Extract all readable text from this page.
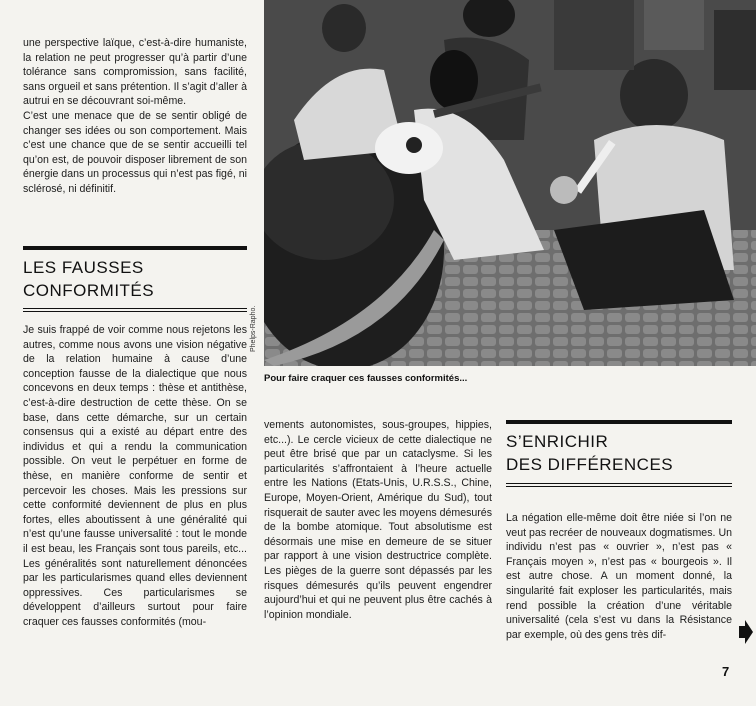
une perspective laïque, c’est-à-dire humaniste, la relation ne peut progresser qu’à partir d’une tolérance sans compromission, sans facilité, sans orgueil et sans prétention. Il s’agit d’aller à autrui en se découvrant soi-même.

C’est une menace que de se sentir obligé de changer ses idées ou son comportement. Mais c’est une chance que de se sentir accueilli tel qu’on est, de pouvoir disposer librement de son énergie dans un processus qui n’est pas figé, ni sclérosé, ni définitif.

LES FAUSSES
CONFORMITÉS

Je suis frappé de voir comme nous rejetons les autres, comme nous avons une vision négative de la relation humaine à cause d’une conception fausse de la dialectique que nous concevons en deux temps : thèse et antithèse, c’est-à-dire destruction de cette thèse. On se base, dans cette démarche, sur un certain consensus qui a existé au départ entre des individus et qui a rendu la communication possible. On veut le perpétuer en forme de thèse, en manière conforme de sentir et percevoir les choses. Mais les pressions sur cette conformité deviennent de plus en plus fortes, elles aboutissent à une généralité qui n’est qu’une fausse universalité : tout le monde il est beau, les Français sont tous pareils, etc... Les généralités sont naturellement dénoncées par les particularismes quand elles deviennent oppressives. Ces particularismes se développent d’ailleurs surtout pour faire craquer ces fausses conformités (mou-

Phelps-Rapho.
Pour faire craquer ces fausses conformités...

vements autonomistes, sous-groupes, hippies, etc...). Le cercle vicieux de cette dialectique ne peut être brisé que par un cataclysme. Si les particularités s’affrontaient à l’heure actuelle entre les Nations (Etats-Unis, U.R.S.S., Chine, Europe, Moyen-Orient, Amérique du Sud), tout risquerait de sauter avec les moyens démesurés de la bombe atomique. Tout absolutisme est désormais une mise en demeure de se situer par rapport à une vision destructrice complète. Les pièges de la guerre sont dépassés par les risques démesurés qu’ils peuvent engendrer aujourd’hui et qui ne peuvent plus être cachés à l’opinion mondiale.

S’ENRICHIR
DES DIFFÉRENCES

La négation elle-même doit être niée si l’on ne veut pas recréer de nouveaux dogmatismes. Un individu n’est pas « ouvrier », n’est pas « Français moyen », n’est pas « bourgeois ». Il est autre chose. A un moment donné, la singularité fait exploser les particularités, mais rend possible la création d’une véritable universalité (cela s’est vu dans la Résistance par exemple, où des gens très dif-

7
